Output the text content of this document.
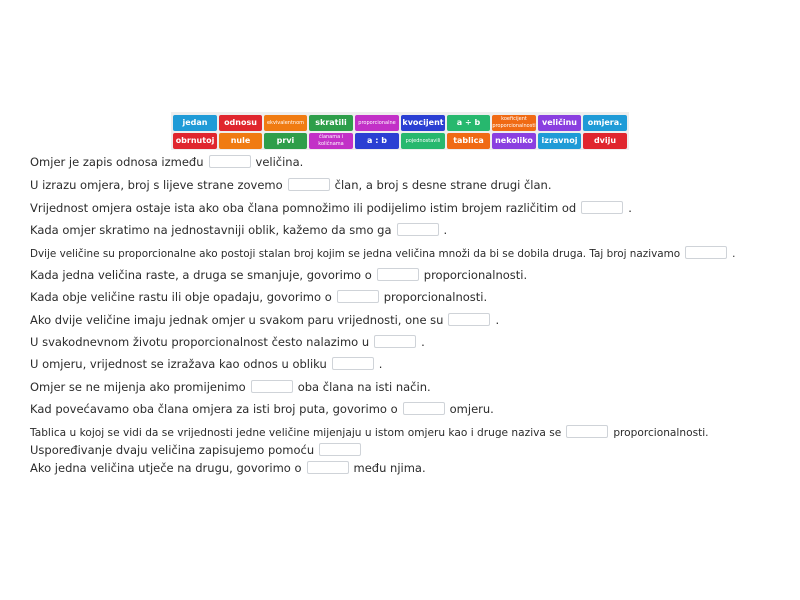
jedan	odnosu	ekvivalentnom	skratili	proporcionalne kvocijent	a ÷ b	koeficijent proporcionalnosti veličinu	omjera.
obrnutoj	nule	prvi	članama i količnama	a : b	pojednostavili	tablica	nekoliko	izravnoj	dviju
Omjer je zapis odnosa između	veličina.
U izrazu omjera, broj s lijeve strane zovemo	član, a broj s desne strane drugi član.
Vrijednost omjera ostaje ista ako oba člana pomnožimo ili podijelimo istim brojem različitim od	.
Kada omjer skratimo na jednostavniji oblik, kažemo da smo ga	.
Dvije veličine su proporcionalne ako postoji stalan broj kojim se jedna veličina množi da bi se dobila druga. Taj broj nazivamo	.
Kada jedna veličina raste, a druga se smanjuje, govorimo o	proporcionalnosti.
Kada obje veličine rastu ili obje opadaju, govorimo o	proporcionalnosti.
Ako dvije veličine imaju jednak omjer u svakom paru vrijednosti, one su	.
U svakodnevnom životu proporcionalnost često nalazimo u	.
U omjeru, vrijednost se izražava kao odnos u obliku	.
Omjer se ne mijenja ako promijenimo	oba člana na isti način.
Kad povećavamo oba člana omjera za isti broj puta, govorimo o	omjeru.
Tablica u kojoj se vidi da se vrijednosti jedne veličine mijenjaju u istom omjeru kao i druge naziva se	proporcionalnosti.
Uspoređivanje dvaju veličina zapisujemo pomoću
Ako jedna veličina utječe na drugu, govorimo o	među njima.
